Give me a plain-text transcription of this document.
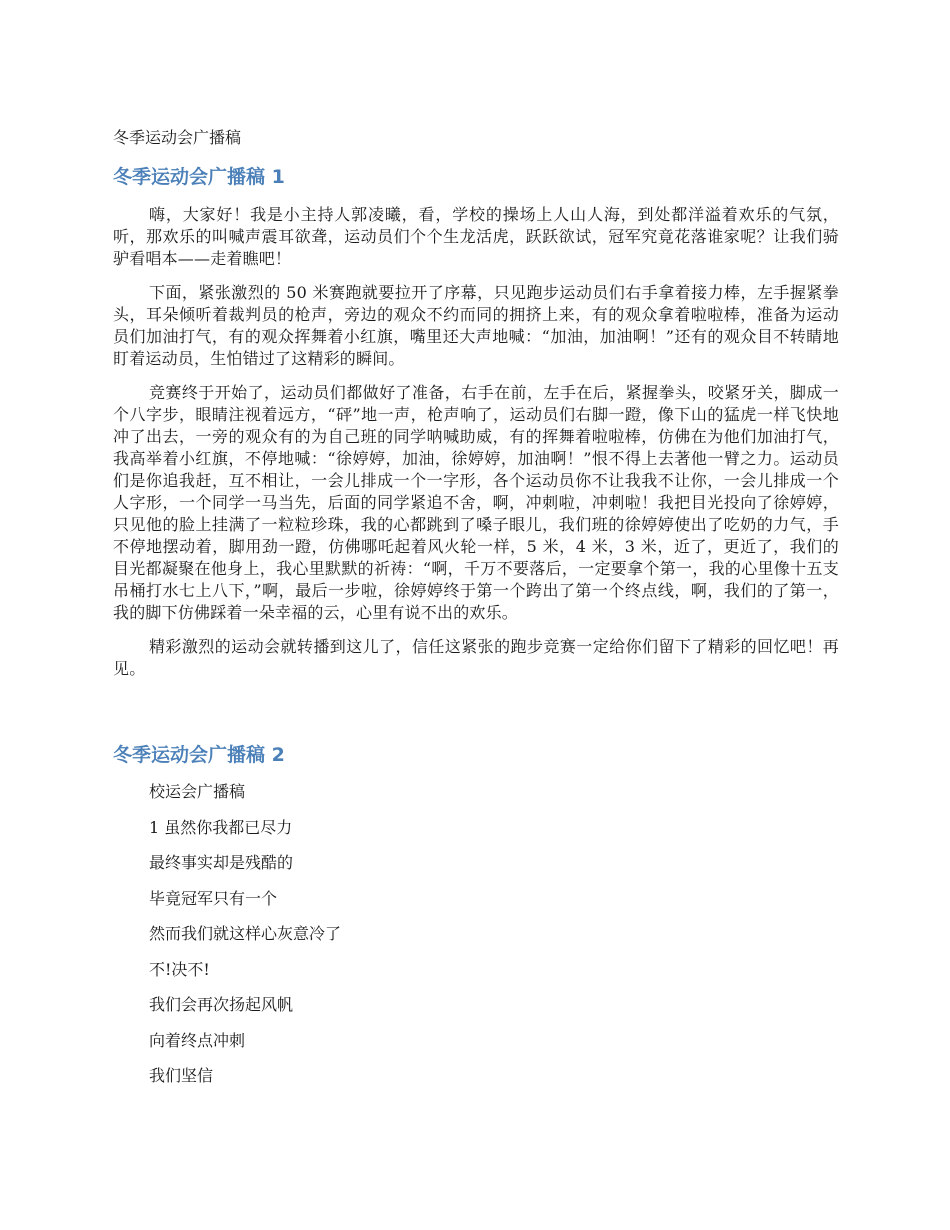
冬季运动会广播稿

冬季运动会广播稿 1

嗨，大家好！我是小主持人郭凌曦，看，学校的操场上人山人海，到处都洋溢着欢乐的气氛，听，那欢乐的叫喊声震耳欲聋，运动员们个个生龙活虎，跃跃欲试，冠军究竟花落谁家呢？让我们骑驴看唱本——走着瞧吧！

下面，紧张激烈的 50 米赛跑就要拉开了序幕，只见跑步运动员们右手拿着接力棒，左手握紧拳头，耳朵倾听着裁判员的枪声，旁边的观众不约而同的拥挤上来，有的观众拿着啦啦棒，准备为运动员们加油打气，有的观众挥舞着小红旗，嘴里还大声地喊：“加油，加油啊！”还有的观众目不转睛地盯着运动员，生怕错过了这精彩的瞬间。

竞赛终于开始了，运动员们都做好了准备，右手在前，左手在后，紧握拳头，咬紧牙关，脚成一个八字步，眼睛注视着远方，“砰”地一声，枪声响了，运动员们右脚一蹬，像下山的猛虎一样飞快地冲了出去，一旁的观众有的为自己班的同学呐喊助威，有的挥舞着啦啦棒，仿佛在为他们加油打气，我高举着小红旗，不停地喊：“徐婷婷，加油，徐婷婷，加油啊！”恨不得上去著他一臂之力。运动员们是你追我赶，互不相让，一会儿排成一个一字形，各个运动员你不让我我不让你，一会儿排成一个人字形，一个同学一马当先，后面的同学紧追不舍，啊，冲刺啦，冲刺啦！我把目光投向了徐婷婷，只见他的脸上挂满了一粒粒珍珠，我的心都跳到了嗓子眼儿，我们班的徐婷婷使出了吃奶的力气，手不停地摆动着，脚用劲一蹬，仿佛哪吒起着风火轮一样，5 米，4 米，3 米，近了，更近了，我们的目光都凝聚在他身上，我心里默默的祈祷：“啊，千万不要落后，一定要拿个第一，我的心里像十五支吊桶打水七上八下，”啊，最后一步啦，徐婷婷终于第一个跨出了第一个终点线，啊，我们的了第一，我的脚下仿佛踩着一朵幸福的云，心里有说不出的欢乐。

精彩激烈的运动会就转播到这儿了，信任这紧张的跑步竞赛一定给你们留下了精彩的回忆吧！再见。

冬季运动会广播稿 2

校运会广播稿

1 虽然你我都已尽力

最终事实却是残酷的

毕竟冠军只有一个

然而我们就这样心灰意冷了

不!决不!

我们会再次扬起风帆

向着终点冲刺

我们坚信
